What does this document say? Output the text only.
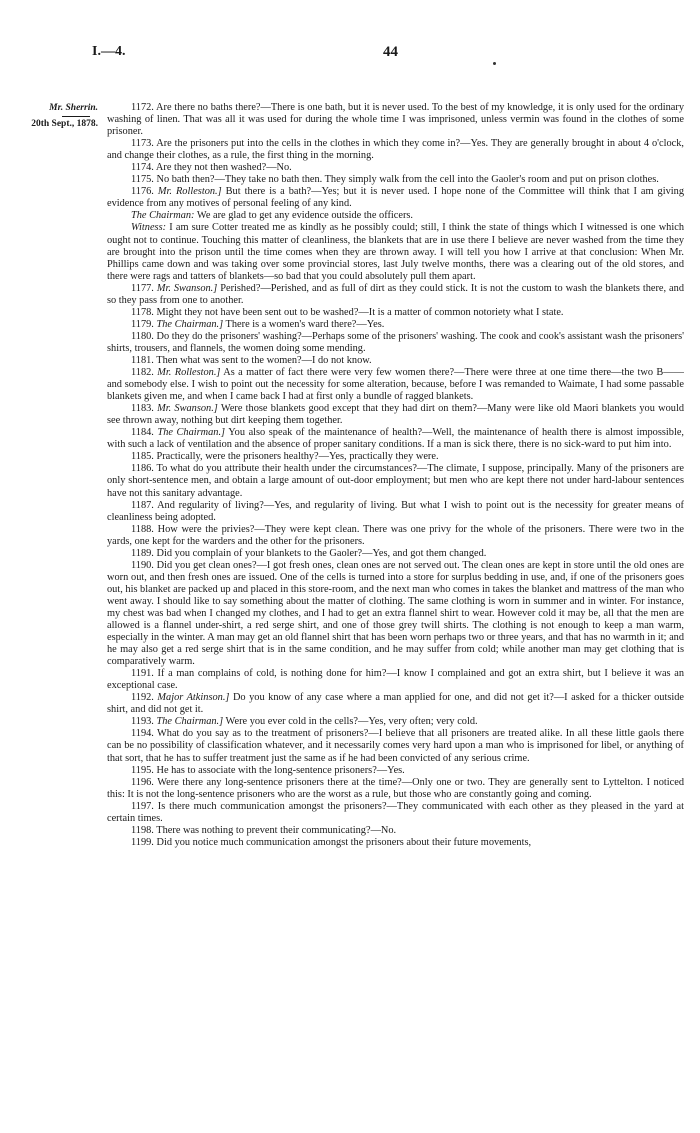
I.—4.	44
Mr. Sherrin.
20th Sept., 1878.

1172. Are there no baths there?—There is one bath, but it is never used. To the best of my knowledge, it is only used for the ordinary washing of linen. That was all it was used for during the whole time I was imprisoned, unless vermin was found in the clothes of some prisoner.

1173. Are the prisoners put into the cells in the clothes in which they come in?—Yes. They are generally brought in about 4 o'clock, and change their clothes, as a rule, the first thing in the morning.

1174. Are they not then washed?—No.

1175. No bath then?—They take no bath then. They simply walk from the cell into the Gaoler's room and put on prison clothes.

1176. Mr. Rolleston.] But there is a bath?—Yes; but it is never used. I hope none of the Committee will think that I am giving evidence from any motives of personal feeling of any kind.

The Chairman: We are glad to get any evidence outside the officers.

Witness: I am sure Cotter treated me as kindly as he possibly could; still, I think the state of things which I witnessed is one which ought not to continue. Touching this matter of cleanliness, the blankets that are in use there I believe are never washed from the time they are brought into the prison until the time comes when they are thrown away. I will tell you how I arrive at that conclusion: When Mr. Phillips came down and was taking over some provincial stores, last July twelve months, there was a clearing out of the old stores, and there were rags and tatters of blankets—so bad that you could absolutely pull them apart.

1177. Mr. Swanson.] Perished?—Perished, and as full of dirt as they could stick. It is not the custom to wash the blankets there, and so they pass from one to another.

1178. Might they not have been sent out to be washed?—It is a matter of common notoriety what I state.

1179. The Chairman.] There is a women's ward there?—Yes.

1180. Do they do the prisoners' washing?—Perhaps some of the prisoners' washing. The cook and cook's assistant wash the prisoners' shirts, trousers, and flannels, the women doing some mending.

1181. Then what was sent to the women?—I do not know.

1182. Mr. Rolleston.] As a matter of fact there were very few women there?—There were three at one time there—the two B—— and somebody else. I wish to point out the necessity for some alteration, because, before I was remanded to Waimate, I had some passable blankets given me, and when I came back I had at first only a bundle of ragged blankets.

1183. Mr. Swanson.] Were those blankets good except that they had dirt on them?—Many were like old Maori blankets you would see thrown away, nothing but dirt keeping them together.

1184. The Chairman.] You also speak of the maintenance of health?—Well, the maintenance of health there is almost impossible, with such a lack of ventilation and the absence of proper sanitary conditions. If a man is sick there, there is no sick-ward to put him into.

1185. Practically, were the prisoners healthy?—Yes, practically they were.

1186. To what do you attribute their health under the circumstances?—The climate, I suppose, principally. Many of the prisoners are only short-sentence men, and obtain a large amount of out-door employment; but men who are kept there not under hard-labour sentences have not this sanitary advantage.

1187. And regularity of living?—Yes, and regularity of living. But what I wish to point out is the necessity for greater means of cleanliness being adopted.

1188. How were the privies?—They were kept clean. There was one privy for the whole of the prisoners. There were two in the yards, one kept for the warders and the other for the prisoners.

1189. Did you complain of your blankets to the Gaoler?—Yes, and got them changed.

1190. Did you get clean ones?—I got fresh ones, clean ones are not served out. The clean ones are kept in store until the old ones are worn out, and then fresh ones are issued. One of the cells is turned into a store for surplus bedding in use, and, if one of the prisoners goes out, his blanket are packed up and placed in this store-room, and the next man who comes in takes the blanket and mattress of the man who went away. I should like to say something about the matter of clothing. The same clothing is worn in summer and in winter. For instance, my chest was bad when I changed my clothes, and I had to get an extra flannel shirt to wear. However cold it may be, all that the men are allowed is a flannel under-shirt, a red serge shirt, and one of those grey twill shirts. The clothing is not enough to keep a man warm, especially in the winter. A man may get an old flannel shirt that has been worn perhaps two or three years, and that has no warmth in it; and he may also get a red serge shirt that is in the same condition, and he may suffer from cold; while another man may get clothing that is comparatively warm.

1191. If a man complains of cold, is nothing done for him?—I know I complained and got an extra shirt, but I believe it was an exceptional case.

1192. Major Atkinson.] Do you know of any case where a man applied for one, and did not get it?—I asked for a thicker outside shirt, and did not get it.

1193. The Chairman.] Were you ever cold in the cells?—Yes, very often; very cold.

1194. What do you say as to the treatment of prisoners?—I believe that all prisoners are treated alike. In all these little gaols there can be no possibility of classification whatever, and it necessarily comes very hard upon a man who is imprisoned for libel, or anything of that sort, that he has to suffer treatment just the same as if he had been convicted of any serious crime.

1195. He has to associate with the long-sentence prisoners?—Yes.

1196. Were there any long-sentence prisoners there at the time?—Only one or two. They are generally sent to Lyttelton. I noticed this: It is not the long-sentence prisoners who are the worst as a rule, but those who are constantly going and coming.

1197. Is there much communication amongst the prisoners?—They communicated with each other as they pleased in the yard at certain times.

1198. There was nothing to prevent their communicating?—No.

1199. Did you notice much communication amongst the prisoners about their future movements,
